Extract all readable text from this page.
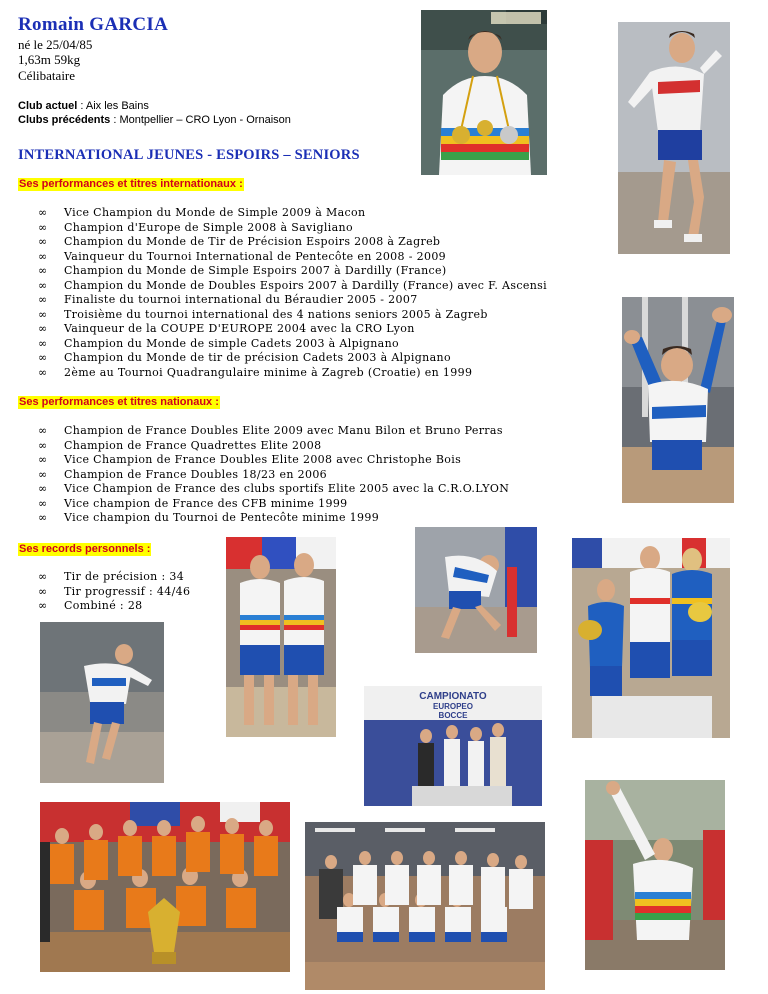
Romain GARCIA
né le 25/04/85
1,63m 59kg
Célibataire
Club actuel : Aix les Bains
Clubs précédents : Montpellier – CRO Lyon - Ornaison
INTERNATIONAL JEUNES - ESPOIRS – SENIORS
Ses performances et titres internationaux :
∞ Vice Champion du Monde de Simple 2009 à Macon
∞ Champion d'Europe de Simple 2008 à Savigliano
∞ Champion du Monde de Tir de Précision Espoirs 2008 à Zagreb
∞ Vainqueur du Tournoi International de Pentecôte en 2008 - 2009
∞ Champion du Monde de Simple Espoirs 2007 à Dardilly (France)
∞ Champion du Monde de Doubles Espoirs 2007 à Dardilly (France) avec F. Ascensi
∞ Finaliste du tournoi international du Béraudier 2005 - 2007
∞ Troisième du tournoi international des 4 nations seniors 2005 à Zagreb
∞ Vainqueur de la COUPE D'EUROPE 2004 avec la CRO Lyon
∞ Champion du Monde de simple Cadets 2003 à Alpignano
∞ Champion du Monde de tir de précision Cadets 2003 à Alpignano
∞ 2ème au Tournoi Quadrangulaire minime à Zagreb (Croatie) en 1999
Ses performances et titres nationaux :
∞ Champion de France Doubles Elite 2009 avec Manu Bilon et Bruno Perras
∞ Champion de France Quadrettes Elite 2008
∞ Vice Champion de France Doubles Elite 2008 avec Christophe Bois
∞ Champion de France Doubles 18/23 en 2006
∞ Vice Champion de France des clubs sportifs Elite 2005 avec la C.R.O.LYON
∞ Vice champion de France des CFB minime 1999
∞ Vice champion du Tournoi de Pentecôte minime 1999
Ses records personnels :
∞ Tir de précision : 34
∞ Tir progressif : 44/46
∞ Combiné : 28
CAMPIONATO
EUROPEO
BOCCE
